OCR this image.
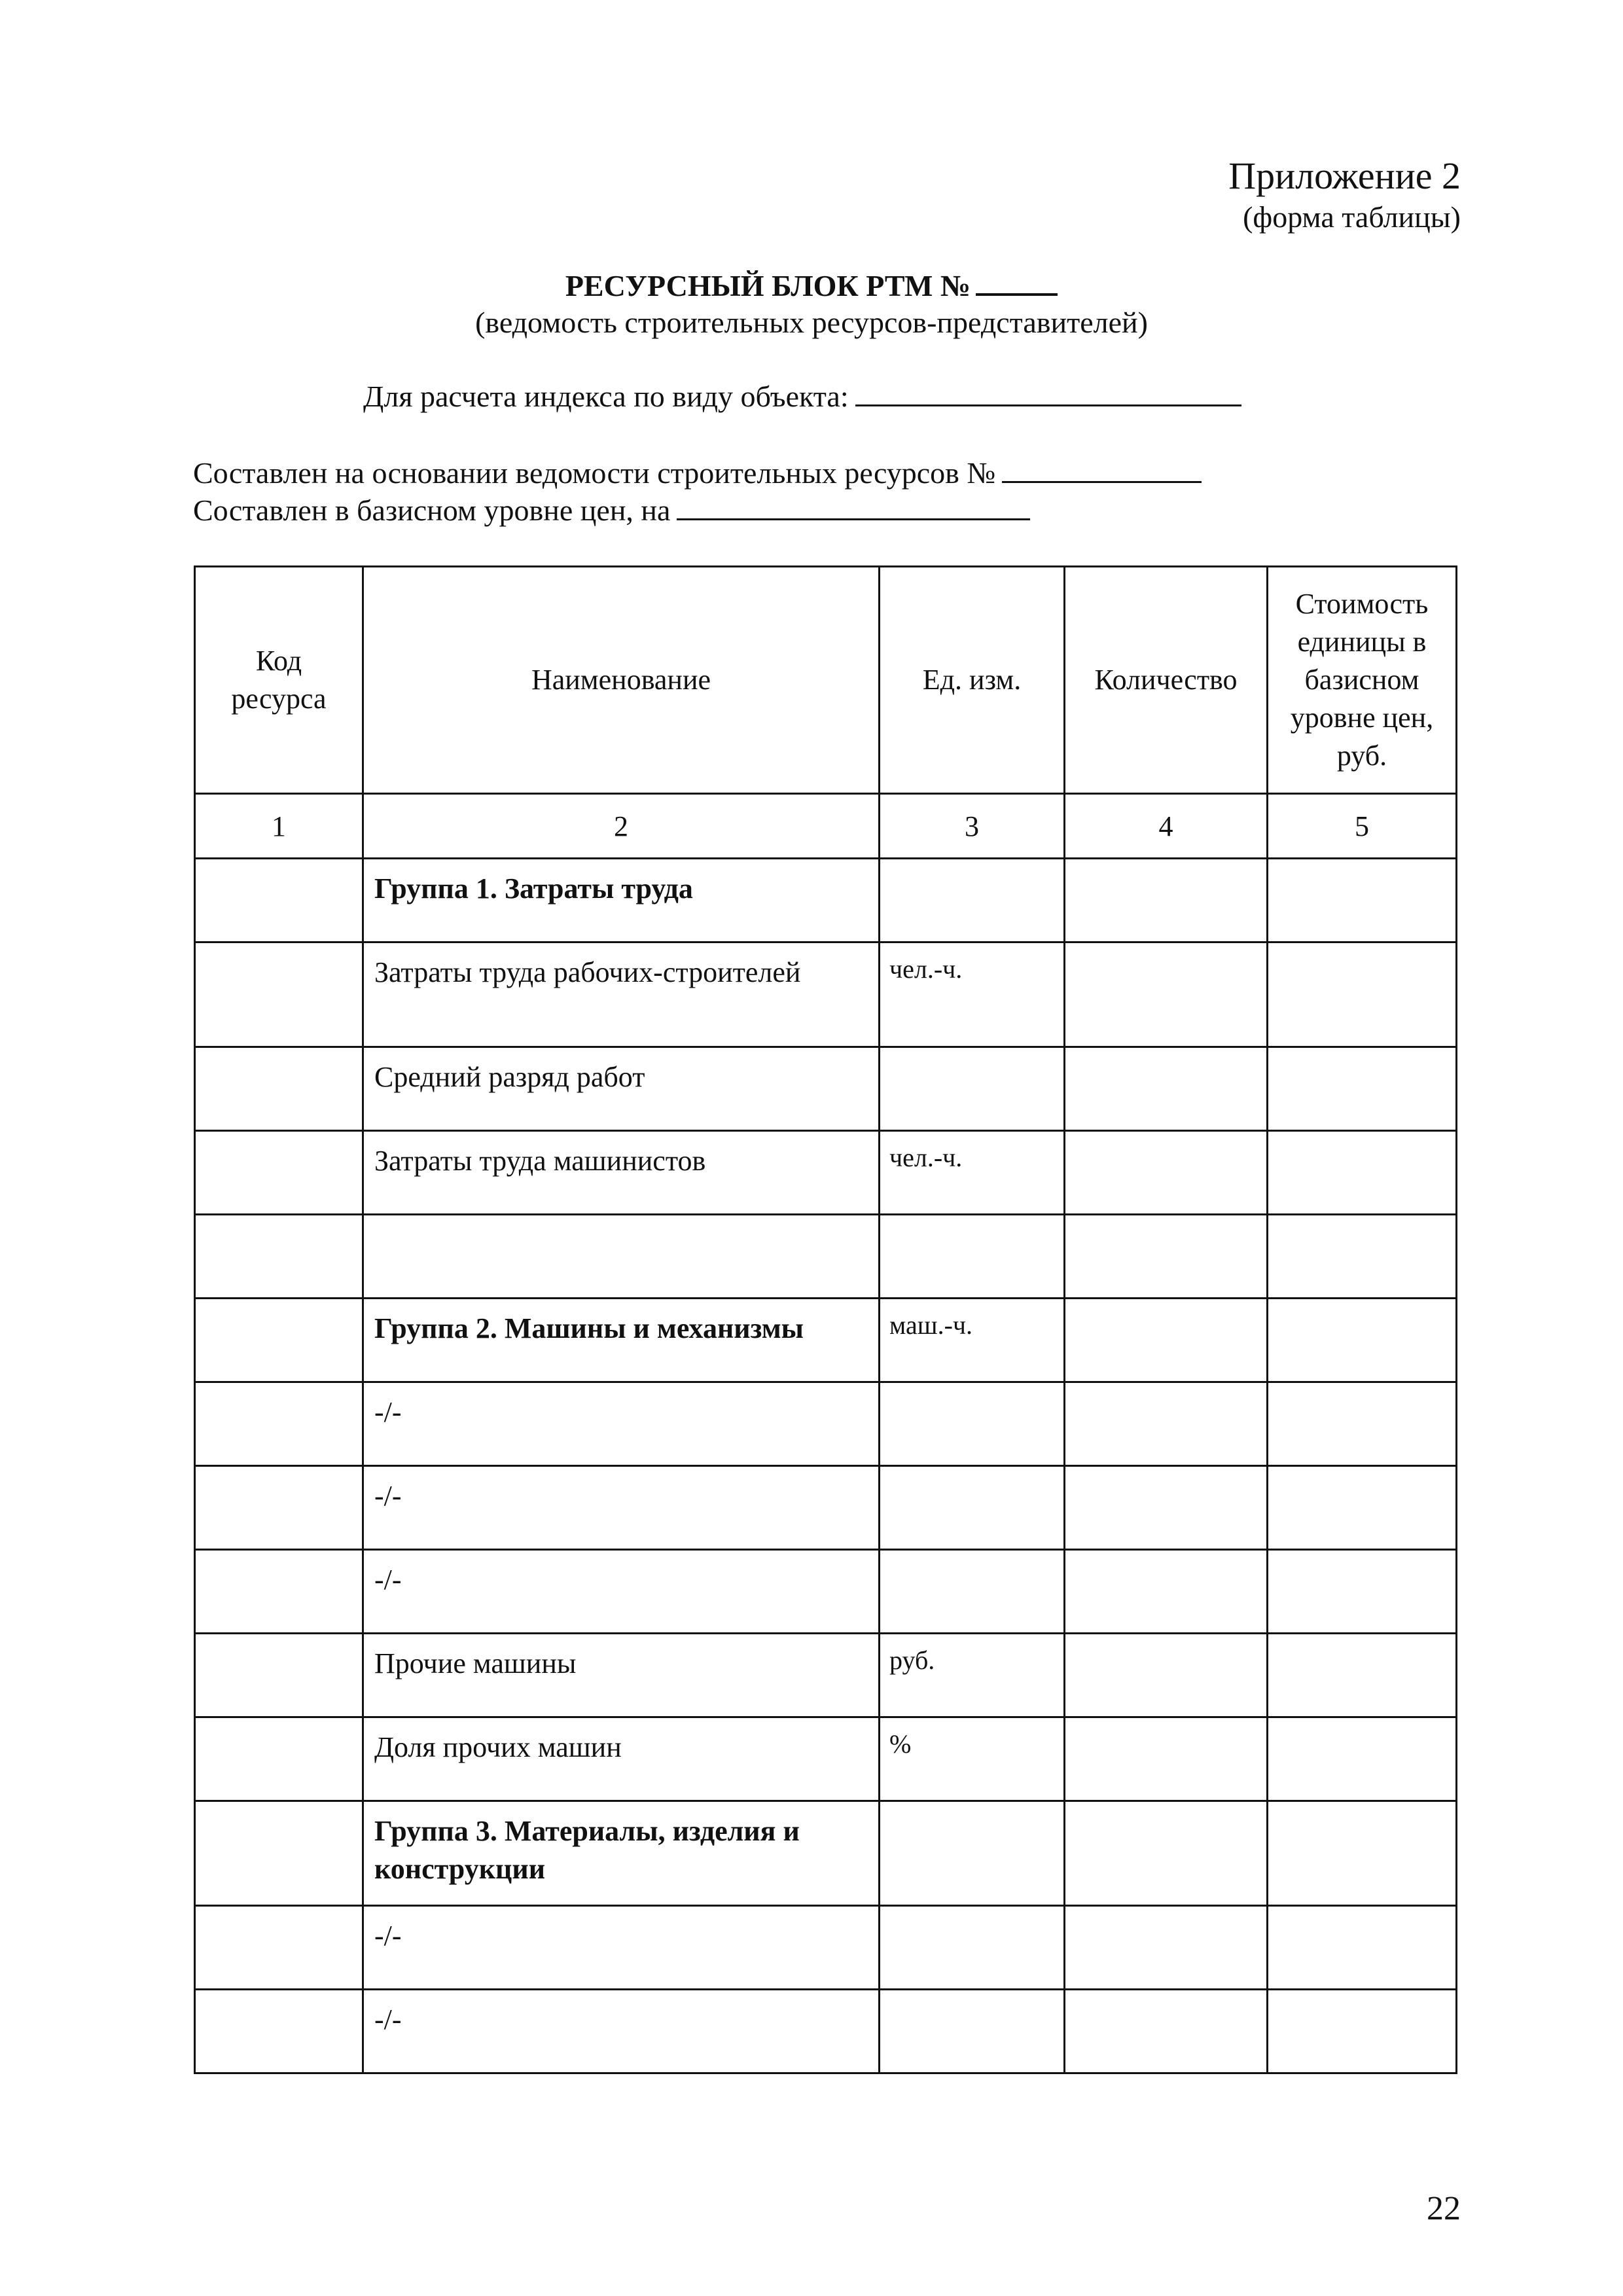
Приложение 2
(форма таблицы)
РЕСУРСНЫЙ БЛОК РТМ №
(ведомость строительных ресурсов-представителей)
Для расчета индекса по виду объекта:
Составлен на основании ведомости строительных ресурсов №
Составлен в базисном уровне цен, на
Код ресурса	Наименование	Ед. изм.	Количество	Стоимость единицы в базисном уровне цен, руб.
1	2	3	4	5
	Группа 1. Затраты труда			
	Затраты труда рабочих-строителей	чел.-ч.		
	Средний разряд работ			
	Затраты труда машинистов	чел.-ч.		

	Группа 2. Машины и механизмы	маш.-ч.		
	-/-			
	-/-			
	-/-			
	Прочие машины	руб.		
	Доля прочих машин	%		
	Группа 3. Материалы, изделия и конструкции			
	-/-			
	-/-			
22
